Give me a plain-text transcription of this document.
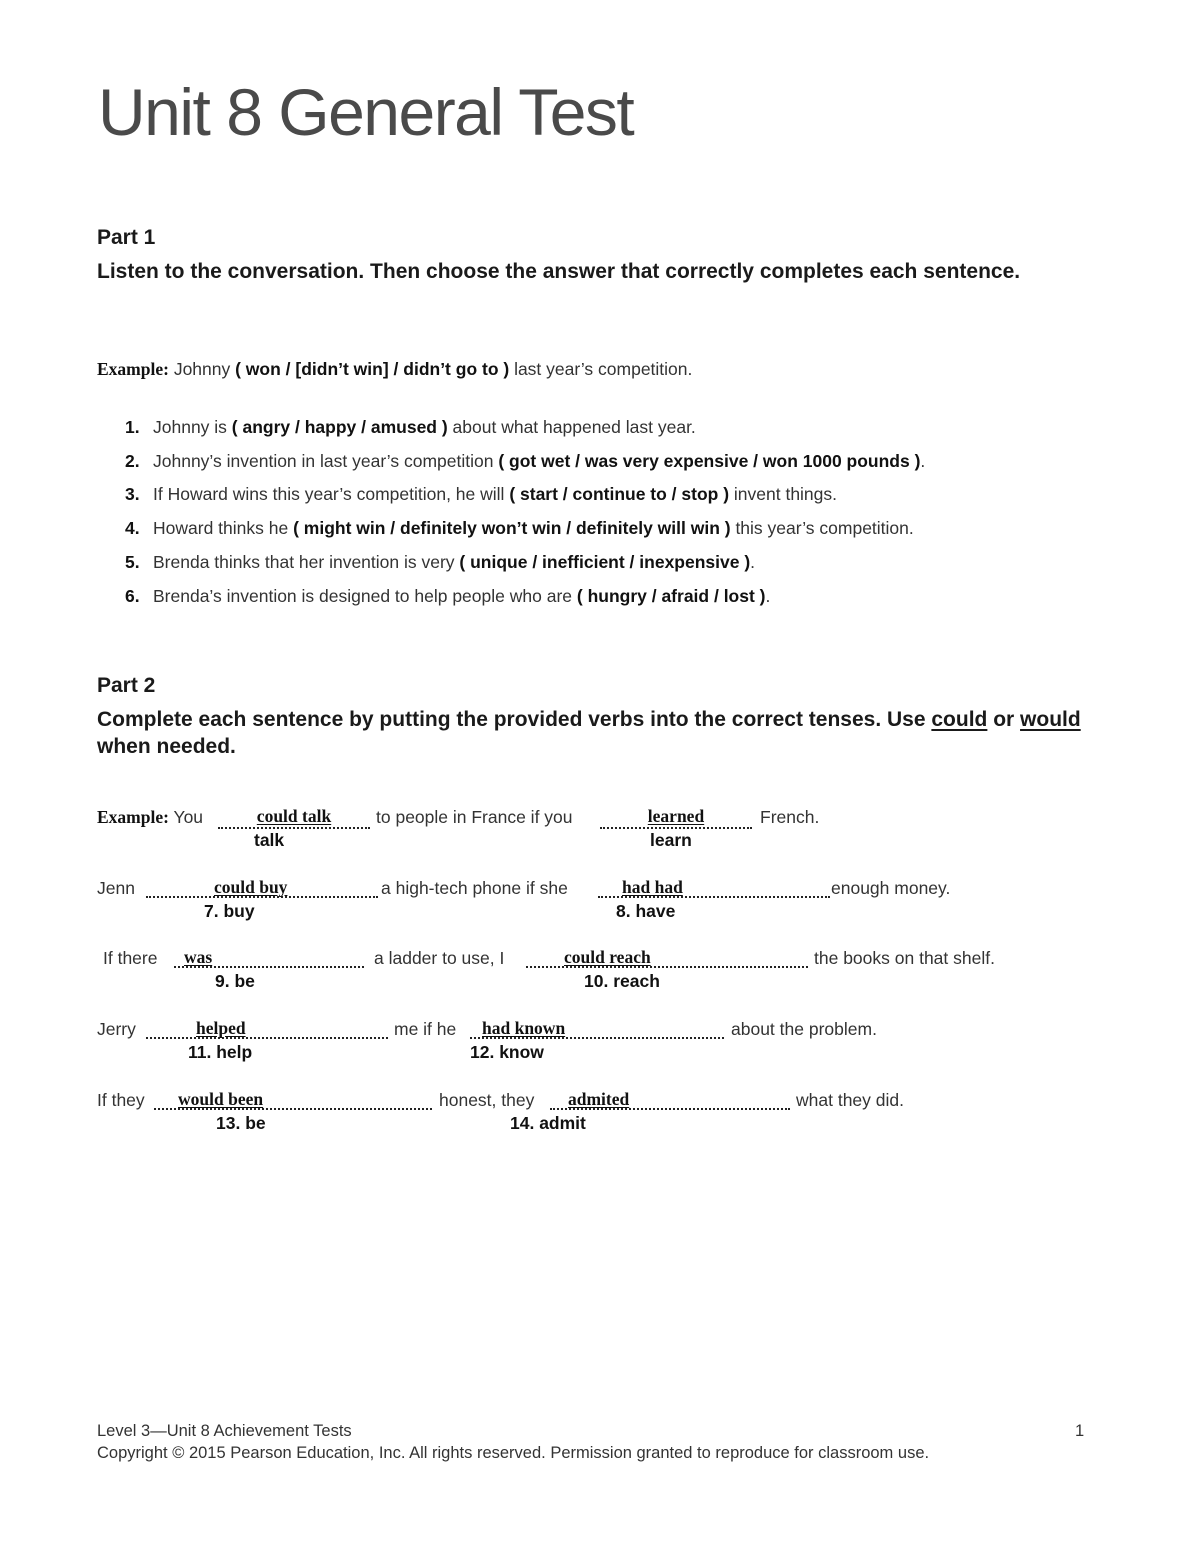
Unit 8 General Test
Part 1
Listen to the conversation. Then choose the answer that correctly completes each sentence.
Example: Johnny ( won / [didn’t win] / didn’t go to ) last year’s competition.
1. Johnny is ( angry / happy / amused ) about what happened last year.
2. Johnny’s invention in last year’s competition ( got wet / was very expensive / won 1000 pounds ).
3. If Howard wins this year’s competition, he will ( start / continue to / stop ) invent things.
4. Howard thinks he ( might win / definitely won’t win / definitely will win ) this year’s competition.
5. Brenda thinks that her invention is very ( unique / inefficient / inexpensive ).
6. Brenda’s invention is designed to help people who are ( hungry / afraid / lost ).
Part 2
Complete each sentence by putting the provided verbs into the correct tenses. Use could or would when needed.
Example: You	could talk	to people in France if you	learned	French.
talk	learn
Jenn	could buy	a high-tech phone if she	had had	enough money.
7. buy	8. have
If there	was	a ladder to use, I	could reach	the books on that shelf.
9. be	10. reach
Jerry	helped	me if he	had known	about the problem.
11. help	12. know
If they	would been	honest, they	admited	what they did.
13. be	14. admit
Level 3—Unit 8 Achievement Tests	1
Copyright © 2015 Pearson Education, Inc. All rights reserved. Permission granted to reproduce for classroom use.
